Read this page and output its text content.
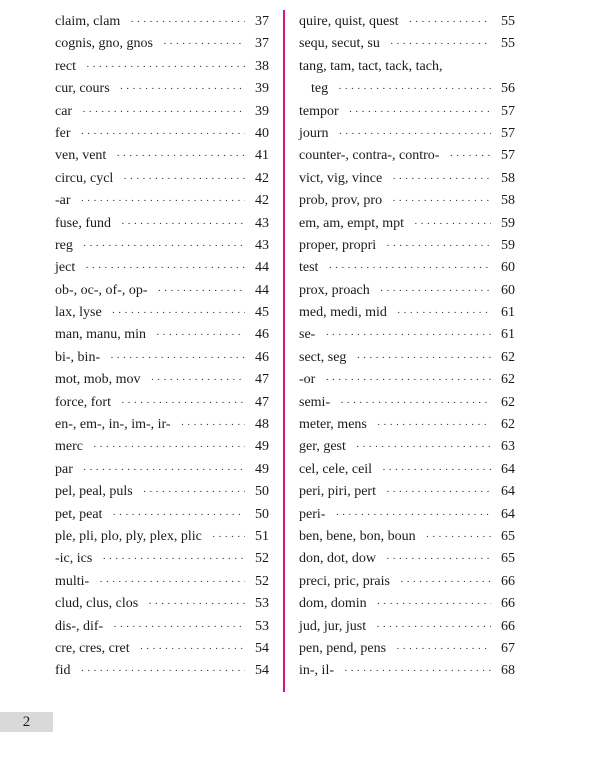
claim, clam ·····	37
cognis, gno, gnos ·····	37
rect ·····	38
cur, cours ·····	39
car ·····	39
fer ·····	40
ven, vent ·····	41
circu, cycl ·····	42
-ar ·····	42
fuse, fund ·····	43
reg ·····	43
ject ·····	44
ob-, oc-, of-, op- ·····	44
lax, lyse ·····	45
man, manu, min ·····	46
bi-, bin- ·····	46
mot, mob, mov ·····	47
force, fort ·····	47
en-, em-, in-, im-, ir- ·····	48
merc ·····	49
par ·····	49
pel, peal, puls ·····	50
pet, peat ·····	50
ple, pli, plo, ply, plex, plic ·····	51
-ic, ics ·····	52
multi- ·····	52
clud, clus, clos ·····	53
dis-, dif- ·····	53
cre, cres, cret ·····	54
fid ·····	54
quire, quist, quest ·····	55
sequ, secut, su ·····	55
tang, tam, tact, tack, tach,
teg ·····	56
tempor ·····	57
journ ·····	57
counter-, contra-, contro- ·····	57
vict, vig, vince ·····	58
prob, prov, pro ·····	58
em, am, empt, mpt ·····	59
proper, propri ·····	59
test ·····	60
prox, proach ·····	60
med, medi, mid ·····	61
se- ·····	61
sect, seg ·····	62
-or ·····	62
semi- ·····	62
meter, mens ·····	62
ger, gest ·····	63
cel, cele, ceil ·····	64
peri, piri, pert ·····	64
peri- ·····	64
ben, bene, bon, boun ·····	65
don, dot, dow ·····	65
preci, pric, prais ·····	66
dom, domin ·····	66
jud, jur, just ·····	66
pen, pend, pens ·····	67
in-, il- ·····	68
2
